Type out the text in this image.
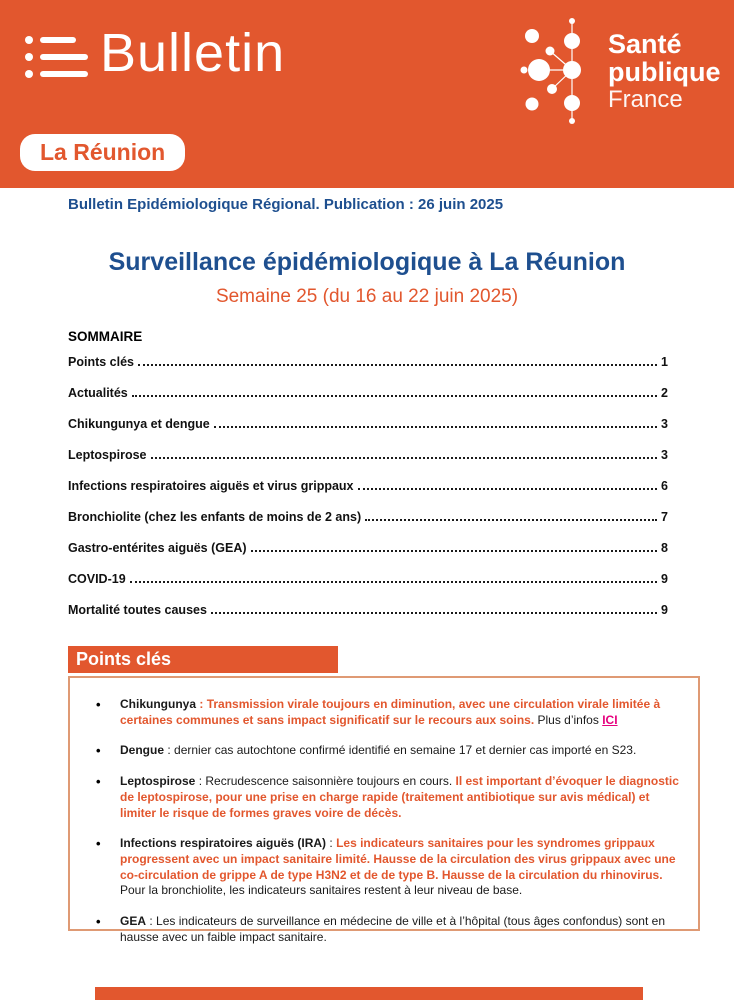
Bulletin	Santé
publique
France
La Réunion
Bulletin Epidémiologique Régional. Publication : 26 juin 2025
Surveillance épidémiologique à La Réunion
Semaine 25 (du 16 au 22 juin 2025)
SOMMAIRE
Points clés	1
Actualités	2
Chikungunya et dengue	3
Leptospirose	3
Infections respiratoires aiguës et virus grippaux	6
Bronchiolite (chez les enfants de moins de 2 ans)	7
Gastro-entérites aiguës (GEA)	8
COVID-19	9
Mortalité toutes causes	9
Points clés
• Chikungunya : Transmission virale toujours en diminution, avec une circulation virale limitée à certaines communes et sans impact significatif sur le recours aux soins. Plus d’infos ICI
• Dengue : dernier cas autochtone confirmé identifié en semaine 17 et dernier cas importé en S23.
• Leptospirose : Recrudescence saisonnière toujours en cours. Il est important d’évoquer le diagnostic de leptospirose, pour une prise en charge rapide (traitement antibiotique sur avis médical) et limiter le risque de formes graves voire de décès.
• Infections respiratoires aiguës (IRA) : Les indicateurs sanitaires pour les syndromes grippaux progressent avec un impact sanitaire limité. Hausse de la circulation des virus grippaux avec une co-circulation de grippe A de type H3N2 et de de type B. Hausse de la circulation du rhinovirus. Pour la bronchiolite, les indicateurs sanitaires restent à leur niveau de base.
• GEA : Les indicateurs de surveillance en médecine de ville et à l’hôpital (tous âges confondus) sont en hausse avec un faible impact sanitaire.
